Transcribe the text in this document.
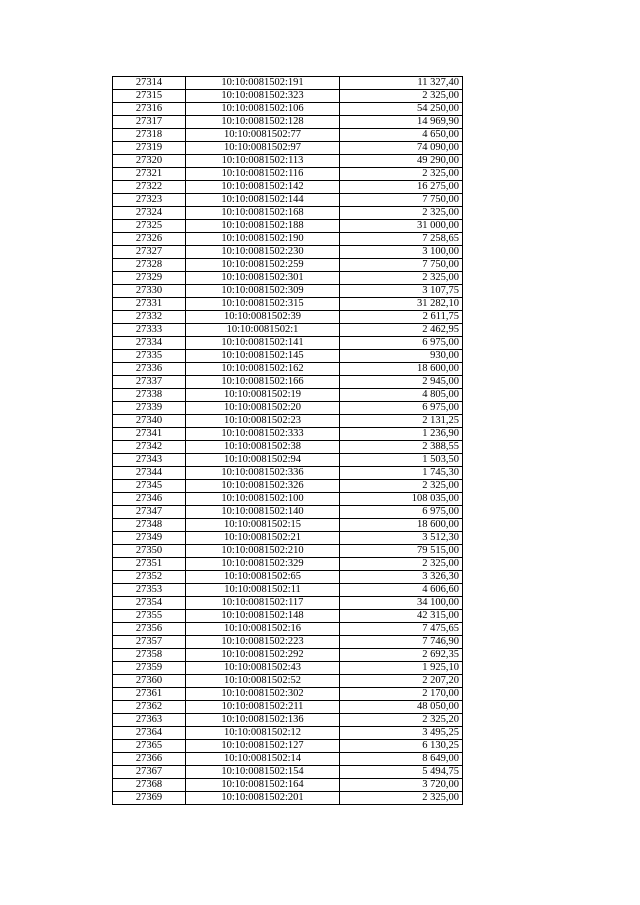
27314	10:10:0081502:191	11 327,40
27315	10:10:0081502:323	2 325,00
27316	10:10:0081502:106	54 250,00
27317	10:10:0081502:128	14 969,90
27318	10:10:0081502:77	4 650,00
27319	10:10:0081502:97	74 090,00
27320	10:10:0081502:113	49 290,00
27321	10:10:0081502:116	2 325,00
27322	10:10:0081502:142	16 275,00
27323	10:10:0081502:144	7 750,00
27324	10:10:0081502:168	2 325,00
27325	10:10:0081502:188	31 000,00
27326	10:10:0081502:190	7 258,65
27327	10:10:0081502:230	3 100,00
27328	10:10:0081502:259	7 750,00
27329	10:10:0081502:301	2 325,00
27330	10:10:0081502:309	3 107,75
27331	10:10:0081502:315	31 282,10
27332	10:10:0081502:39	2 611,75
27333	10:10:0081502:1	2 462,95
27334	10:10:0081502:141	6 975,00
27335	10:10:0081502:145	930,00
27336	10:10:0081502:162	18 600,00
27337	10:10:0081502:166	2 945,00
27338	10:10:0081502:19	4 805,00
27339	10:10:0081502:20	6 975,00
27340	10:10:0081502:23	2 131,25
27341	10:10:0081502:333	1 236,90
27342	10:10:0081502:38	2 388,55
27343	10:10:0081502:94	1 503,50
27344	10:10:0081502:336	1 745,30
27345	10:10:0081502:326	2 325,00
27346	10:10:0081502:100	108 035,00
27347	10:10:0081502:140	6 975,00
27348	10:10:0081502:15	18 600,00
27349	10:10:0081502:21	3 512,30
27350	10:10:0081502:210	79 515,00
27351	10:10:0081502:329	2 325,00
27352	10:10:0081502:65	3 326,30
27353	10:10:0081502:11	4 606,60
27354	10:10:0081502:117	34 100,00
27355	10:10:0081502:148	42 315,00
27356	10:10:0081502:16	7 475,65
27357	10:10:0081502:223	7 746,90
27358	10:10:0081502:292	2 692,35
27359	10:10:0081502:43	1 925,10
27360	10:10:0081502:52	2 207,20
27361	10:10:0081502:302	2 170,00
27362	10:10:0081502:211	48 050,00
27363	10:10:0081502:136	2 325,20
27364	10:10:0081502:12	3 495,25
27365	10:10:0081502:127	6 130,25
27366	10:10:0081502:14	8 649,00
27367	10:10:0081502:154	5 494,75
27368	10:10:0081502:164	3 720,00
27369	10:10:0081502:201	2 325,00
